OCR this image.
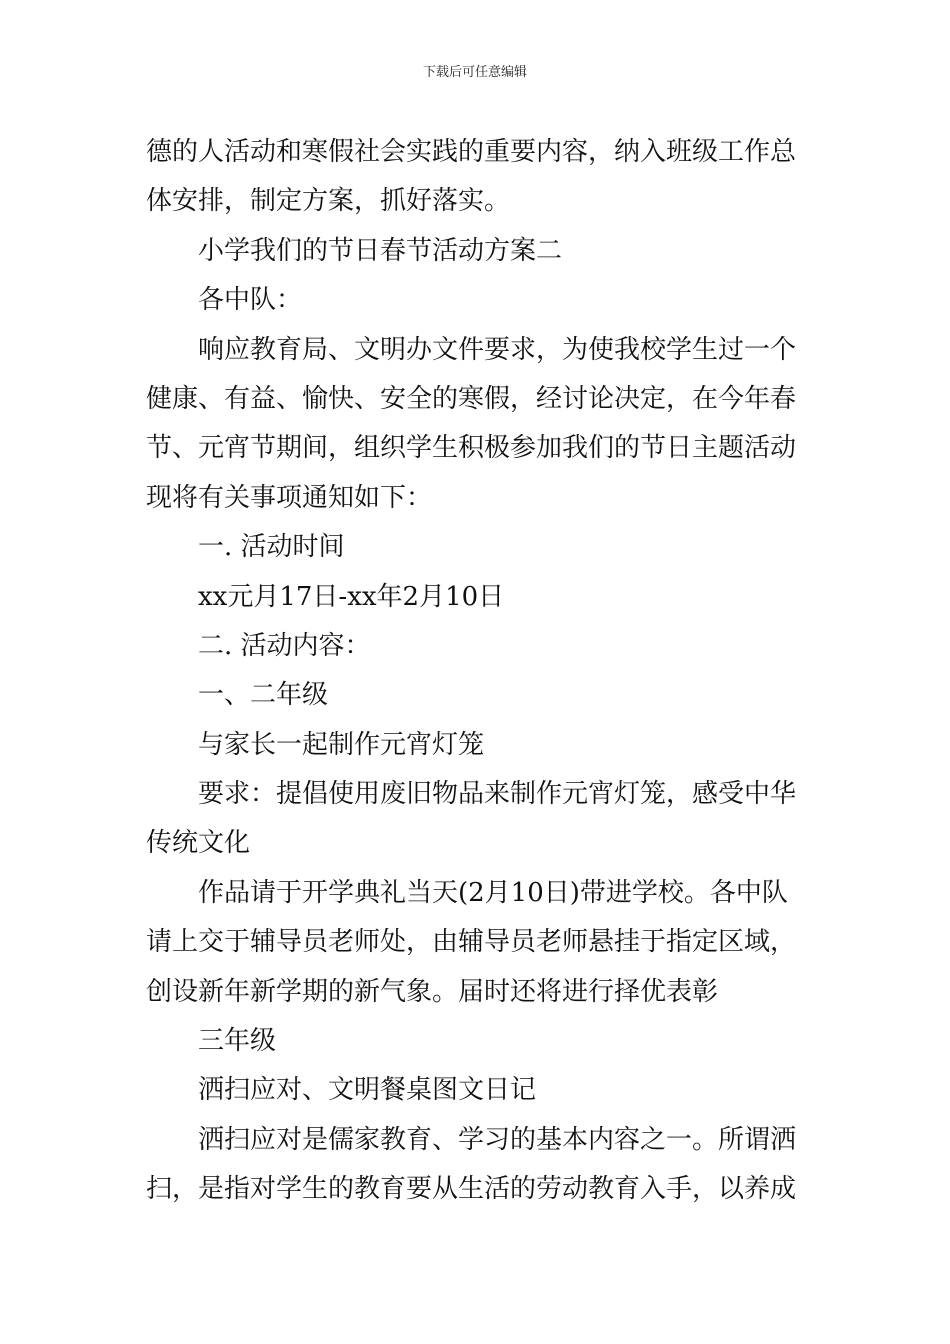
下载后可任意编辑
德的人活动和寒假社会实践的重要内容，纳入班级工作总
体安排，制定方案，抓好落实。
小学我们的节日春节活动方案二
各中队：
响应教育局、文明办文件要求，为使我校学生过一个
健康、有益、愉快、安全的寒假，经讨论决定，在今年春
节、元宵节期间，组织学生积极参加我们的节日主题活动
现将有关事项通知如下：
一. 活动时间
xx元月17日-xx年2月10日
二. 活动内容：
一、二年级
与家长一起制作元宵灯笼
要求：提倡使用废旧物品来制作元宵灯笼，感受中华
传统文化
作品请于开学典礼当天(2月10日)带进学校。各中队
请上交于辅导员老师处，由辅导员老师悬挂于指定区域，
创设新年新学期的新气象。届时还将进行择优表彰
三年级
洒扫应对、文明餐桌图文日记
洒扫应对是儒家教育、学习的基本内容之一。所谓洒
扫，是指对学生的教育要从生活的劳动教育入手，以养成
